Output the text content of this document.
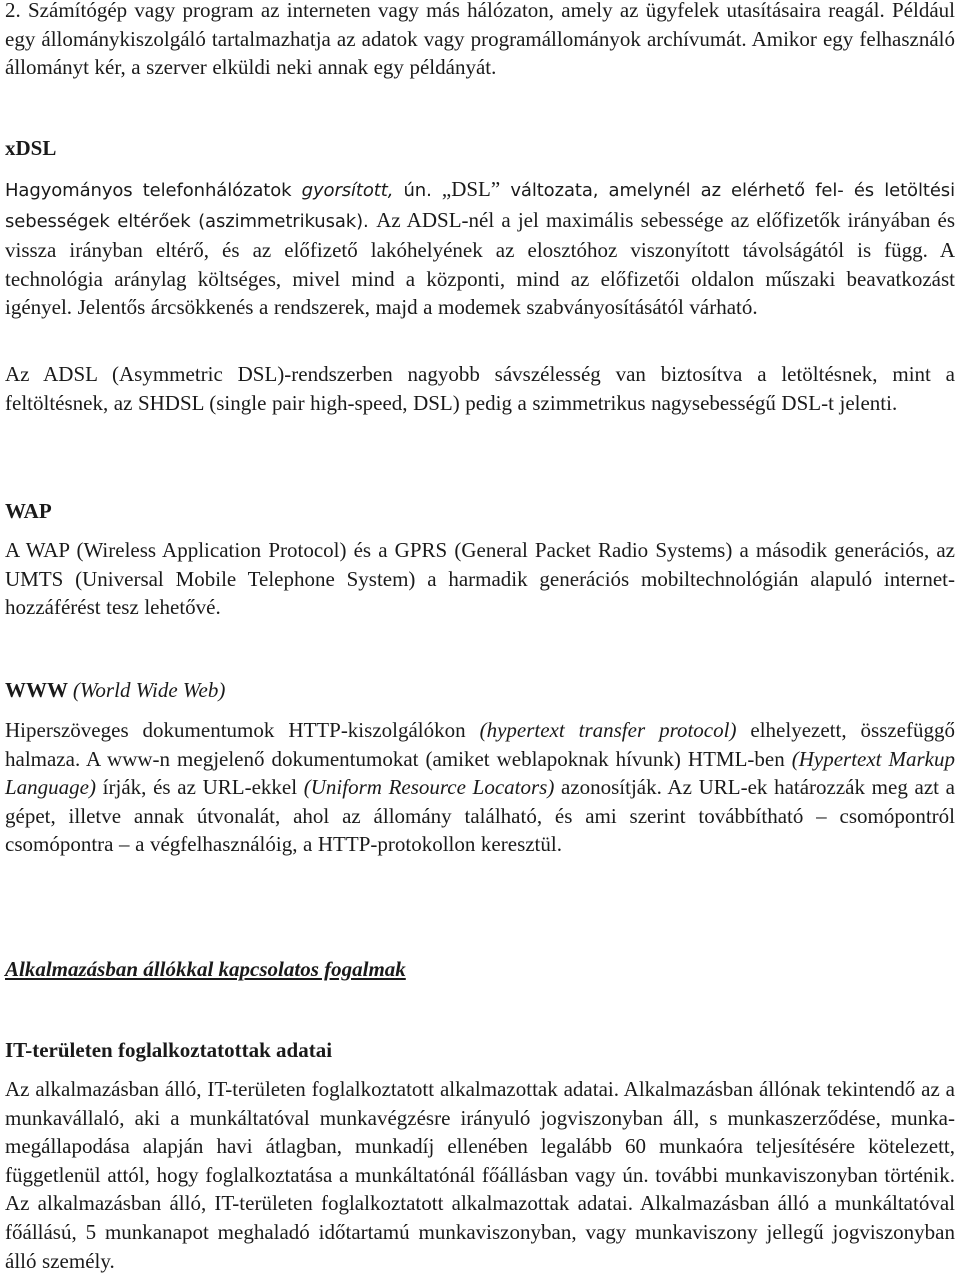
2. Számítógép vagy program az interneten vagy más hálózaton, amely az ügyfelek utasításaira reagál. Például egy állománykiszolgáló tartalmazhatja az adatok vagy programállományok archívumát. Amikor egy felhasználó állományt kér, a szerver elküldi neki annak egy példányát.

xDSL

Hagyományos telefonhálózatok gyorsított, ún. „DSL” változata, amelynél az elérhető fel- és letöltési sebességek eltérőek (aszimmetrikusak). Az ADSL-nél a jel maximális sebessége az előfizetők irányában és vissza irányban eltérő, és az előfizető lakóhelyének az elosztóhoz viszonyított távolságától is függ. A technológia aránylag költséges, mivel mind a központi, mind az előfizetői oldalon műszaki beavatkozást igényel. Jelentős árcsökkenés a rendszerek, majd a modemek szabványosításától várható.

Az ADSL (Asymmetric DSL)-rendszerben nagyobb sávszélesség van biztosítva a letöltésnek, mint a feltöltésnek, az SHDSL (single pair high-speed, DSL) pedig a szimmetrikus nagysebességű DSL-t jelenti.

WAP

A WAP (Wireless Application Protocol) és a GPRS (General Packet Radio Systems) a második generációs, az UMTS (Universal Mobile Telephone System) a harmadik generációs mobiltechnológián alapuló internet-hozzáférést tesz lehetővé.

WWW (World Wide Web)

Hiperszöveges dokumentumok HTTP-kiszolgálókon (hypertext transfer protocol) elhelyezett, összefüggő halmaza. A www-n megjelenő dokumentumokat (amiket weblapoknak hívunk) HTML-ben (Hypertext Markup Language) írják, és az URL-ekkel (Uniform Resource Locators) azonosítják. Az URL-ek határozzák meg azt a gépet, illetve annak útvonalát, ahol az állomány található, és ami szerint továbbítható – csomópontról csomópontra – a végfelhasználóig, a HTTP-protokollon keresztül.

Alkalmazásban állókkal kapcsolatos fogalmak
IT-területen foglalkoztatottak adatai

Az alkalmazásban álló, IT-területen foglalkoztatott alkalmazottak adatai. Alkalmazásban állónak tekintendő az a munkavállaló, aki a munkáltatóval munkavégzésre irányuló jogviszonyban áll, s munkaszerződése, munka-megállapodása alapján havi átlagban, munkadíj ellenében legalább 60 munkaóra teljesítésére kötelezett, függetlenül attól, hogy foglalkoztatása a munkáltatónál főállásban vagy ún. további munkaviszonyban történik. Az alkalmazásban álló, IT-területen foglalkoztatott alkalmazottak adatai. Alkalmazásban álló a munkáltatóval főállású, 5 munkanapot meghaladó időtartamú munkaviszonyban, vagy munkaviszony jellegű jogviszonyban álló személy.
